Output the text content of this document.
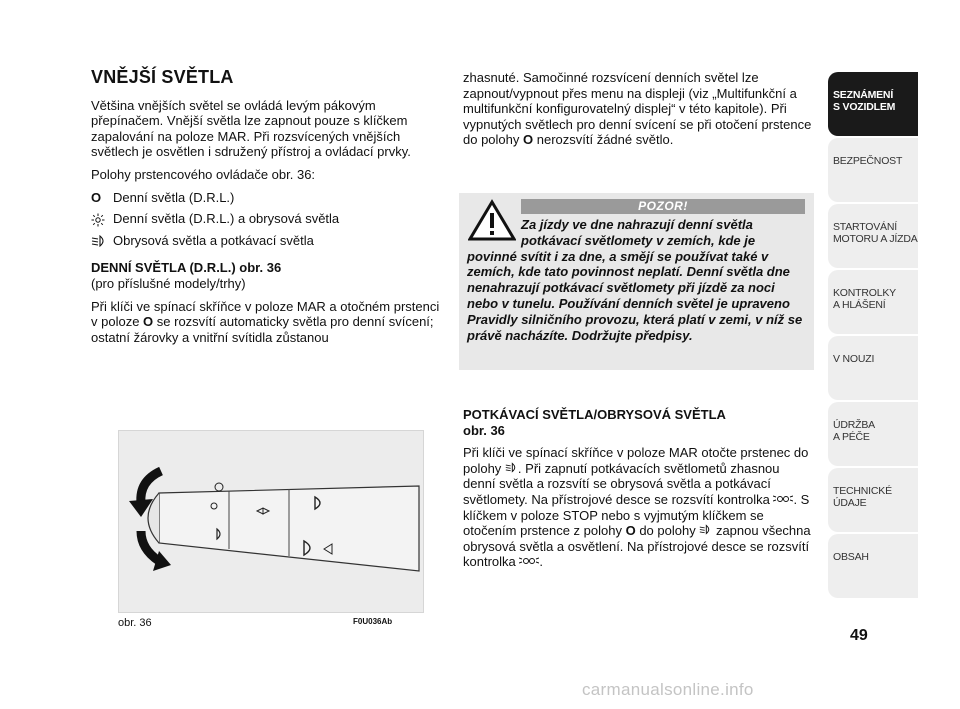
VNĚJŠÍ SVĚTLA

Většina vnějších světel se ovládá levým pákovým přepínačem. Vnější světla lze zapnout pouze s klíčkem zapalování na poloze MAR. Při rozsvícených vnějších světlech je osvětlen i sdružený přístroj a ovládací prvky.

Polohy prstencového ovládače obr. 36:

O Denní světla (D.R.L.)
Denní světla (D.R.L.) a obrysová světla
Obrysová světla a potkávací světla
DENNÍ SVĚTLA (D.R.L.) obr. 36
(pro příslušné modely/trhy)

Při klíči ve spínací skříňce v poloze MAR a otočném prstenci v poloze O se rozsvítí automaticky světla pro denní svícení; ostatní žárovky a vnitřní svítidla zůstanou

obr. 36	F0U036Ab

zhasnuté. Samočinné rozsvícení denních světel lze zapnout/vypnout přes menu na displeji (viz „Multifunkční a multifunkční konfigurovatelný displej“ v této kapitole). Při vypnutých světlech pro denní svícení se při otočení prstence do polohy O nerozsvítí žádné světlo.

POZOR!
Za jízdy ve dne nahrazují denní světla
potkávací světlomety v zemích, kde je
povinné svítit i za dne, a smějí se používat také v zemích, kde tato povinnost neplatí. Denní světla dne nenahrazují potkávací světlomety při jízdě za noci nebo v tunelu. Používání denních světel je upraveno Pravidly silničního provozu, která platí v zemi, v níž se právě nacházíte. Dodržujte předpisy.
POTKÁVACÍ SVĚTLA/OBRYSOVÁ SVĚTLA
obr. 36

Při klíči ve spínací skříňce v poloze MAR otočte prstenec do polohy . Při zapnutí potkávacích světlometů zhasnou denní světla a rozsvítí se obrysová světla a potkávací světlomety. Na přístrojové desce se rozsvítí kontrolka . S klíčkem v poloze STOP nebo s vyjmutým klíčkem se otočením prstence z polohy O do polohy  zapnou všechna obrysová světla a osvětlení. Na přístrojové desce se rozsvítí kontrolka .

SEZNÁMENÍ
S VOZIDLEM
BEZPEČNOST

STARTOVÁNÍ
MOTORU A JÍZDA
KONTROLKY
A HLÁŠENÍ
V NOUZI

ÚDRŽBA
A PÉČE
TECHNICKÉ
ÚDAJE
OBSAH

49
carmanualsonline.info
